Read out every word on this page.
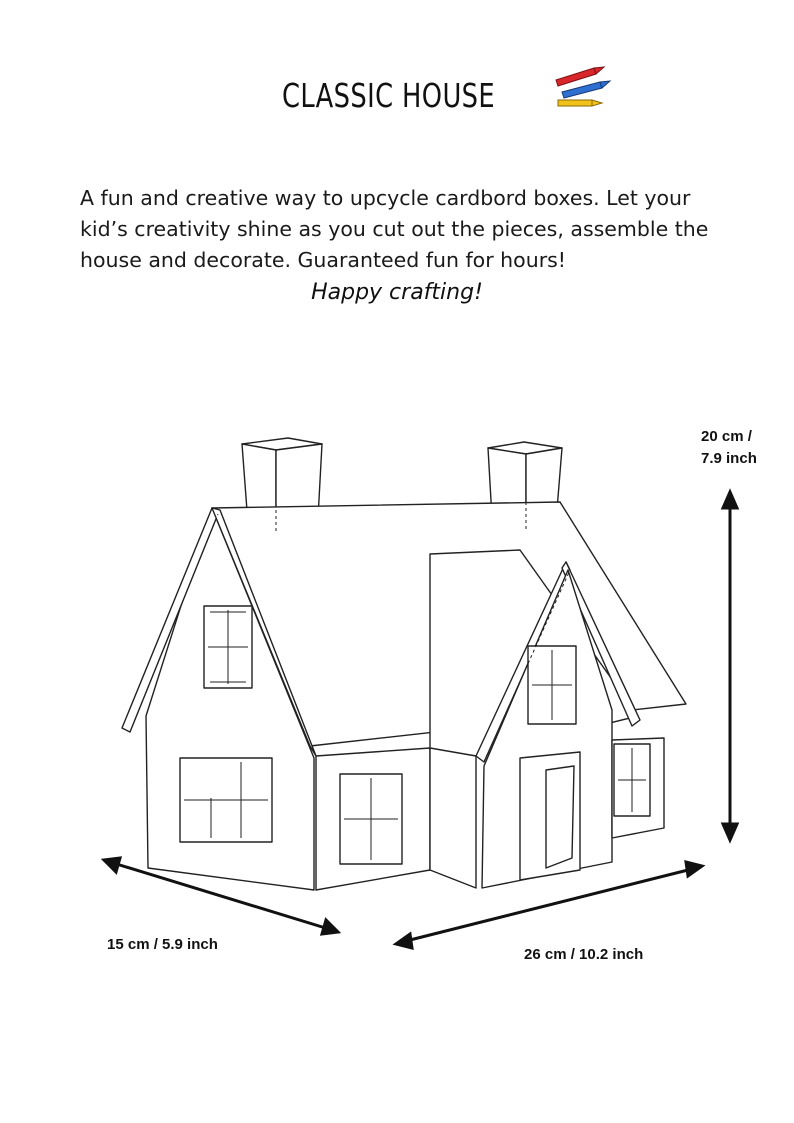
CLASSIC HOUSE

A fun and creative way to upcycle cardbord boxes. Let your kid’s creativity shine as you cut out the pieces, assemble the house and decorate. Guaranteed fun for hours!

Happy crafting!
20 cm /
7.9 inch
15 cm / 5.9 inch
26 cm / 10.2 inch
